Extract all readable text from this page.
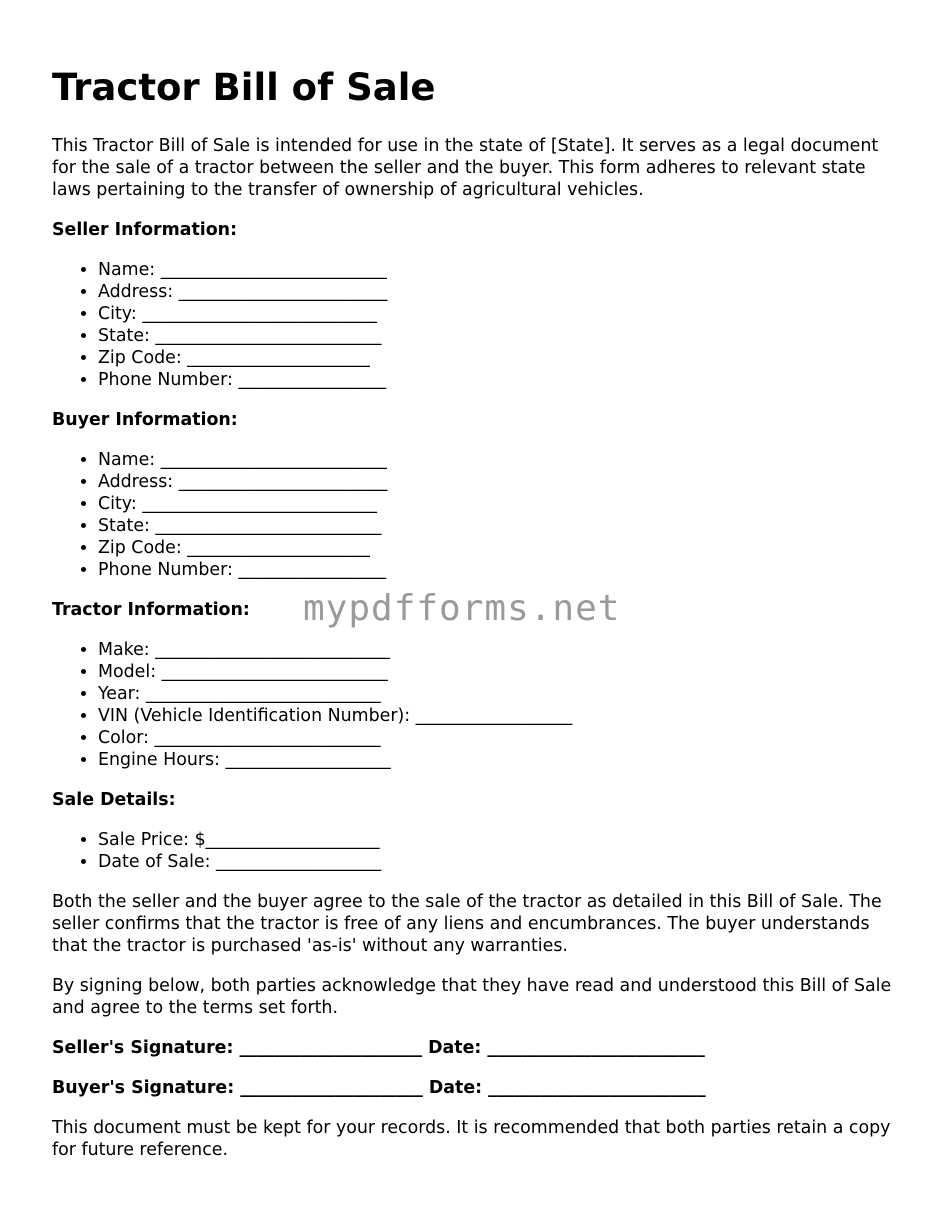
Tractor Bill of Sale

This Tractor Bill of Sale is intended for use in the state of [State]. It serves as a legal document for the sale of a tractor between the seller and the buyer. This form adheres to relevant state laws pertaining to the transfer of ownership of agricultural vehicles.

Seller Information:
• Name: __________________________
• Address: ________________________
• City: ___________________________
• State: __________________________
• Zip Code: _____________________
• Phone Number: _________________
Buyer Information:
• Name: __________________________
• Address: ________________________
• City: ___________________________
• State: __________________________
• Zip Code: _____________________
• Phone Number: _________________
Tractor Information:
• Make: ___________________________
• Model: __________________________
• Year: ___________________________
• VIN (Vehicle Identification Number): __________________
• Color: __________________________
• Engine Hours: ___________________
Sale Details:
• Sale Price: $____________________
• Date of Sale: ___________________

Both the seller and the buyer agree to the sale of the tractor as detailed in this Bill of Sale. The seller confirms that the tractor is free of any liens and encumbrances. The buyer understands that the tractor is purchased 'as-is' without any warranties.

By signing below, both parties acknowledge that they have read and understood this Bill of Sale and agree to the terms set forth.

Seller's Signature: _____________________ Date: _________________________
Buyer's Signature: _____________________ Date: _________________________

This document must be kept for your records. It is recommended that both parties retain a copy for future reference.

mypdfforms.net
